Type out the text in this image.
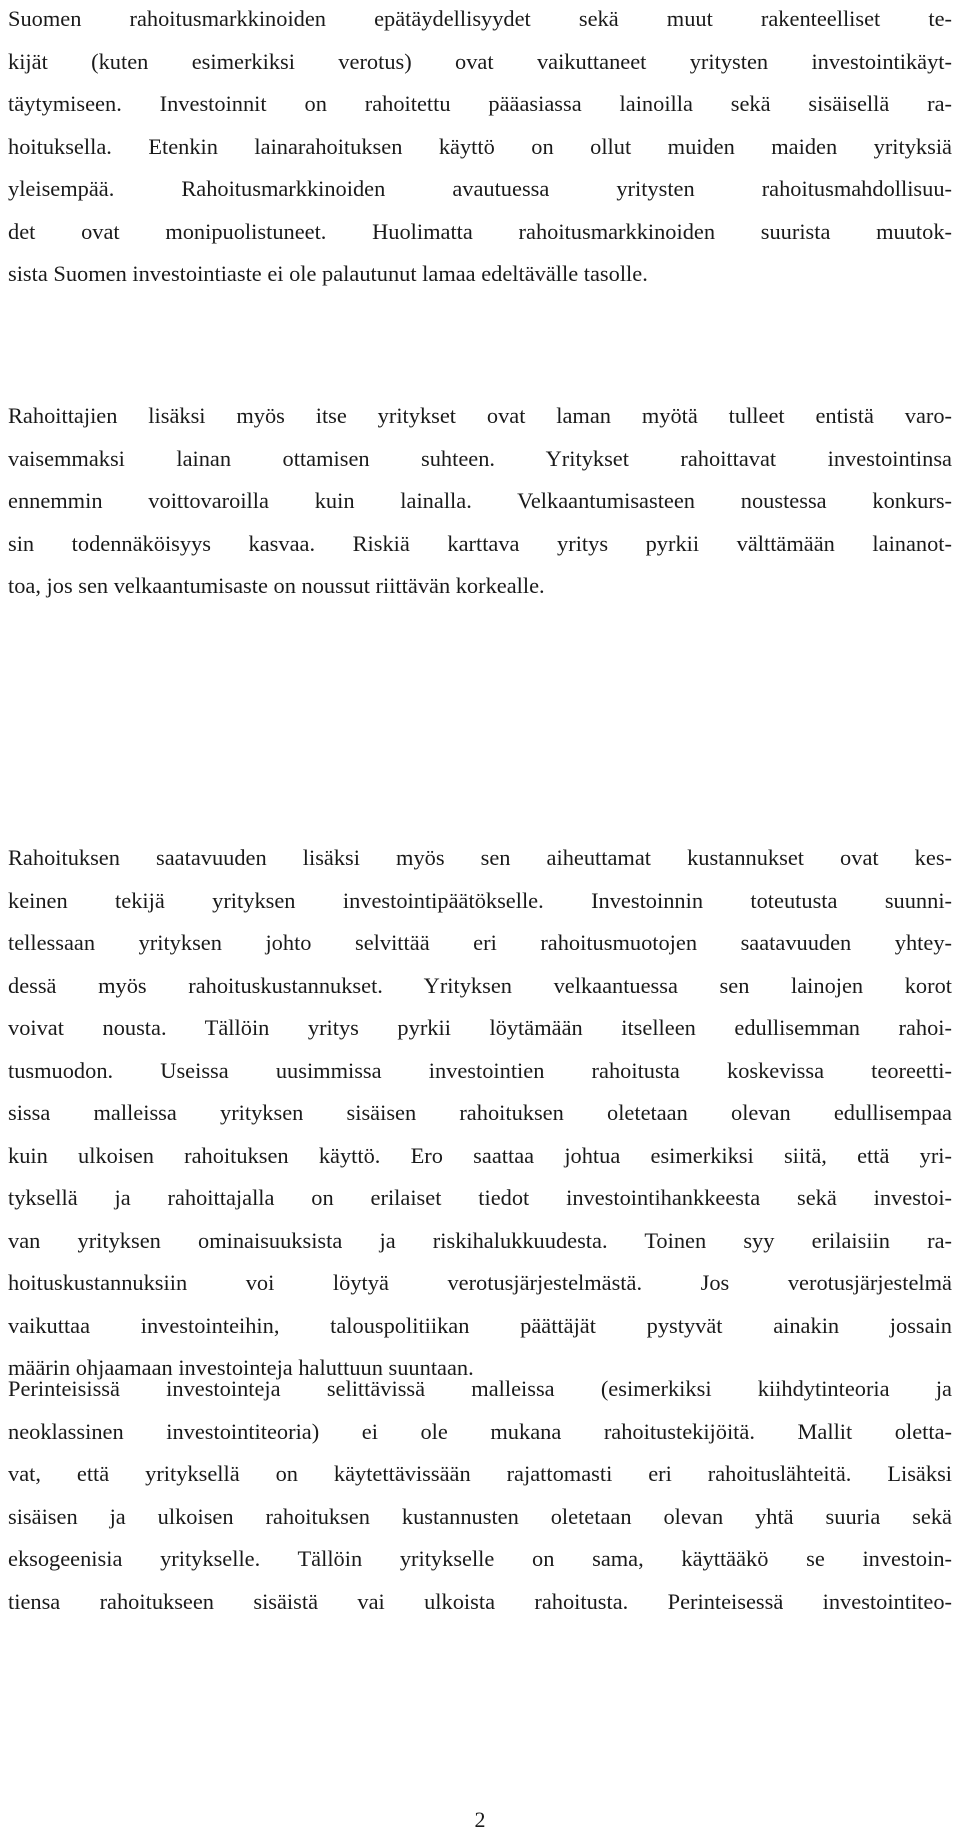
Suomen rahoitusmarkkinoiden epätäydellisyydet sekä muut rakenteelliset te-
kijät (kuten esimerkiksi verotus) ovat vaikuttaneet yritysten investointikäyt-
täytymiseen. Investoinnit on rahoitettu pääasiassa lainoilla sekä sisäisellä ra-
hoituksella. Etenkin lainarahoituksen käyttö on ollut muiden maiden yrityksiä
yleisempää. Rahoitusmarkkinoiden avautuessa yritysten rahoitusmahdollisuu-
det ovat monipuolistuneet. Huolimatta rahoitusmarkkinoiden suurista muutok-
sista Suomen investointiaste ei ole palautunut lamaa edeltävälle tasolle.
Rahoittajien lisäksi myös itse yritykset ovat laman myötä tulleet entistä varo-
vaisemmaksi lainan ottamisen suhteen. Yritykset rahoittavat investointinsa
ennemmin voittovaroilla kuin lainalla. Velkaantumisasteen noustessa konkurs-
sin todennäköisyys kasvaa. Riskiä karttava yritys pyrkii välttämään lainanot-
toa, jos sen velkaantumisaste on noussut riittävän korkealle.
Rahoituksen saatavuuden lisäksi myös sen aiheuttamat kustannukset ovat kes-
keinen tekijä yrityksen investointipäätökselle. Investoinnin toteutusta suunni-
tellessaan yrityksen johto selvittää eri rahoitusmuotojen saatavuuden yhtey-
dessä myös rahoituskustannukset. Yrityksen velkaantuessa sen lainojen korot
voivat nousta. Tällöin yritys pyrkii löytämään itselleen edullisemman rahoi-
tusmuodon. Useissa uusimmissa investointien rahoitusta koskevissa teoreetti-
sissa malleissa yrityksen sisäisen rahoituksen oletetaan olevan edullisempaa
kuin ulkoisen rahoituksen käyttö. Ero saattaa johtua esimerkiksi siitä, että yri-
tyksellä ja rahoittajalla on erilaiset tiedot investointihankkeesta sekä investoi-
van yrityksen ominaisuuksista ja riskihalukkuudesta. Toinen syy erilaisiin ra-
hoituskustannuksiin voi löytyä verotusjärjestelmästä. Jos verotusjärjestelmä
vaikuttaa investointeihin, talouspolitiikan päättäjät pystyvät ainakin jossain
määrin ohjaamaan investointeja haluttuun suuntaan.
Perinteisissä investointeja selittävissä malleissa (esimerkiksi kiihdytinteoria ja
neoklassinen investointiteoria) ei ole mukana rahoitustekijöitä. Mallit oletta-
vat, että yrityksellä on käytettävissään rajattomasti eri rahoituslähteitä. Lisäksi
sisäisen ja ulkoisen rahoituksen kustannusten oletetaan olevan yhtä suuria sekä
eksogeenisia yritykselle. Tällöin yritykselle on sama, käyttääkö se investoin-
tiensa rahoitukseen sisäistä vai ulkoista rahoitusta. Perinteisessä investointiteo-
2
